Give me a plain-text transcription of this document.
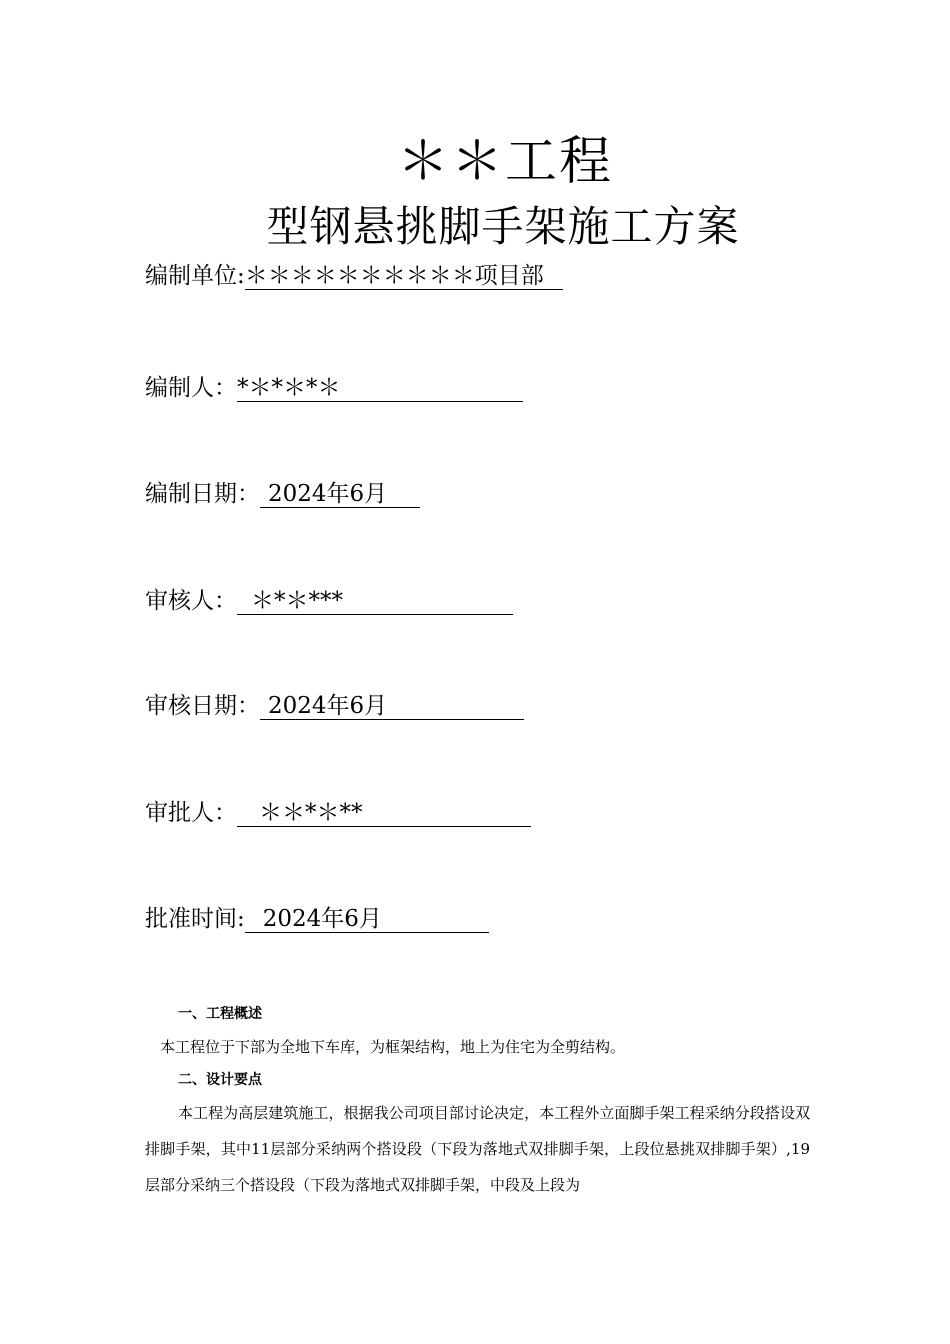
＊＊工程
型钢悬挑脚手架施工方案
编制单位:＊＊＊＊＊＊＊＊＊＊项目部
编制人：*＊*＊*＊
编制日期： 2024年6月
审核人： ＊*＊***
审核日期： 2024年6月
审批人： ＊＊*＊**
批准时间: 2024年6月
一、工程概述
本工程位于下部为全地下车库，为框架结构，地上为住宅为全剪结构。
二、设计要点
本工程为高层建筑施工，根据我公司项目部讨论决定，本工程外立面脚手架工程采纳分段搭设双排脚手架，其中11层部分采纳两个搭设段（下段为落地式双排脚手架，上段位悬挑双排脚手架）,19层部分采纳三个搭设段（下段为落地式双排脚手架，中段及上段为
